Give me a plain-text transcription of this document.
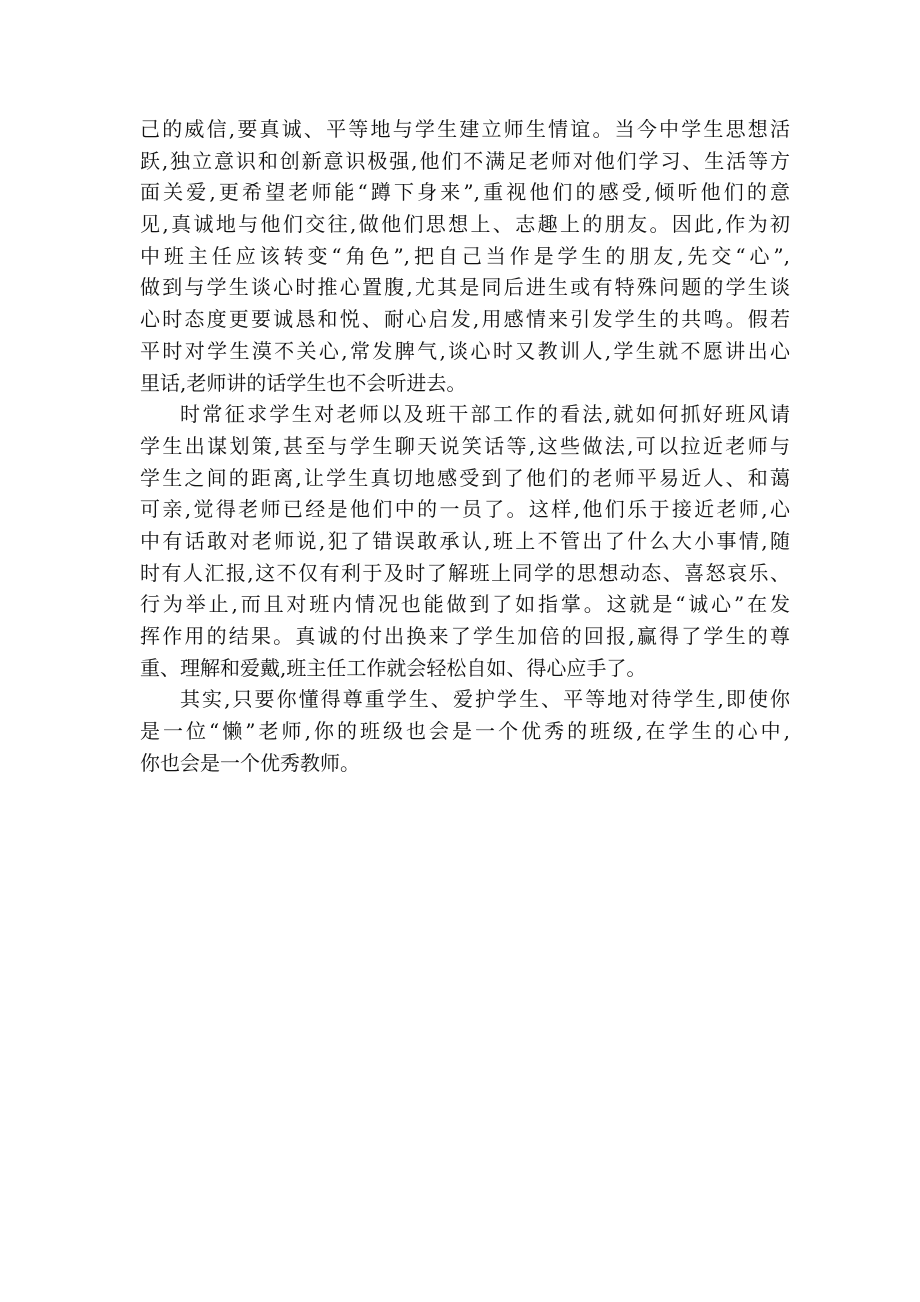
己的威信,要真诚、平等地与学生建立师生情谊。当今中学生思想活
跃,独立意识和创新意识极强,他们不满足老师对他们学习、生活等方
面关爱,更希望老师能“蹲下身来”,重视他们的感受,倾听他们的意
见,真诚地与他们交往,做他们思想上、志趣上的朋友。因此,作为初
中班主任应该转变“角色”,把自己当作是学生的朋友,先交“心”,
做到与学生谈心时推心置腹,尤其是同后进生或有特殊问题的学生谈
心时态度更要诚恳和悦、耐心启发,用感情来引发学生的共鸣。假若
平时对学生漠不关心,常发脾气,谈心时又教训人,学生就不愿讲出心
里话,老师讲的话学生也不会听进去。
时常征求学生对老师以及班干部工作的看法,就如何抓好班风请
学生出谋划策,甚至与学生聊天说笑话等,这些做法,可以拉近老师与
学生之间的距离,让学生真切地感受到了他们的老师平易近人、和蔼
可亲,觉得老师已经是他们中的一员了。这样,他们乐于接近老师,心
中有话敢对老师说,犯了错误敢承认,班上不管出了什么大小事情,随
时有人汇报,这不仅有利于及时了解班上同学的思想动态、喜怒哀乐、
行为举止,而且对班内情况也能做到了如指掌。这就是“诚心”在发
挥作用的结果。真诚的付出换来了学生加倍的回报,赢得了学生的尊
重、理解和爱戴,班主任工作就会轻松自如、得心应手了。
其实,只要你懂得尊重学生、爱护学生、平等地对待学生,即使你
是一位“懒”老师,你的班级也会是一个优秀的班级,在学生的心中,
你也会是一个优秀教师。
